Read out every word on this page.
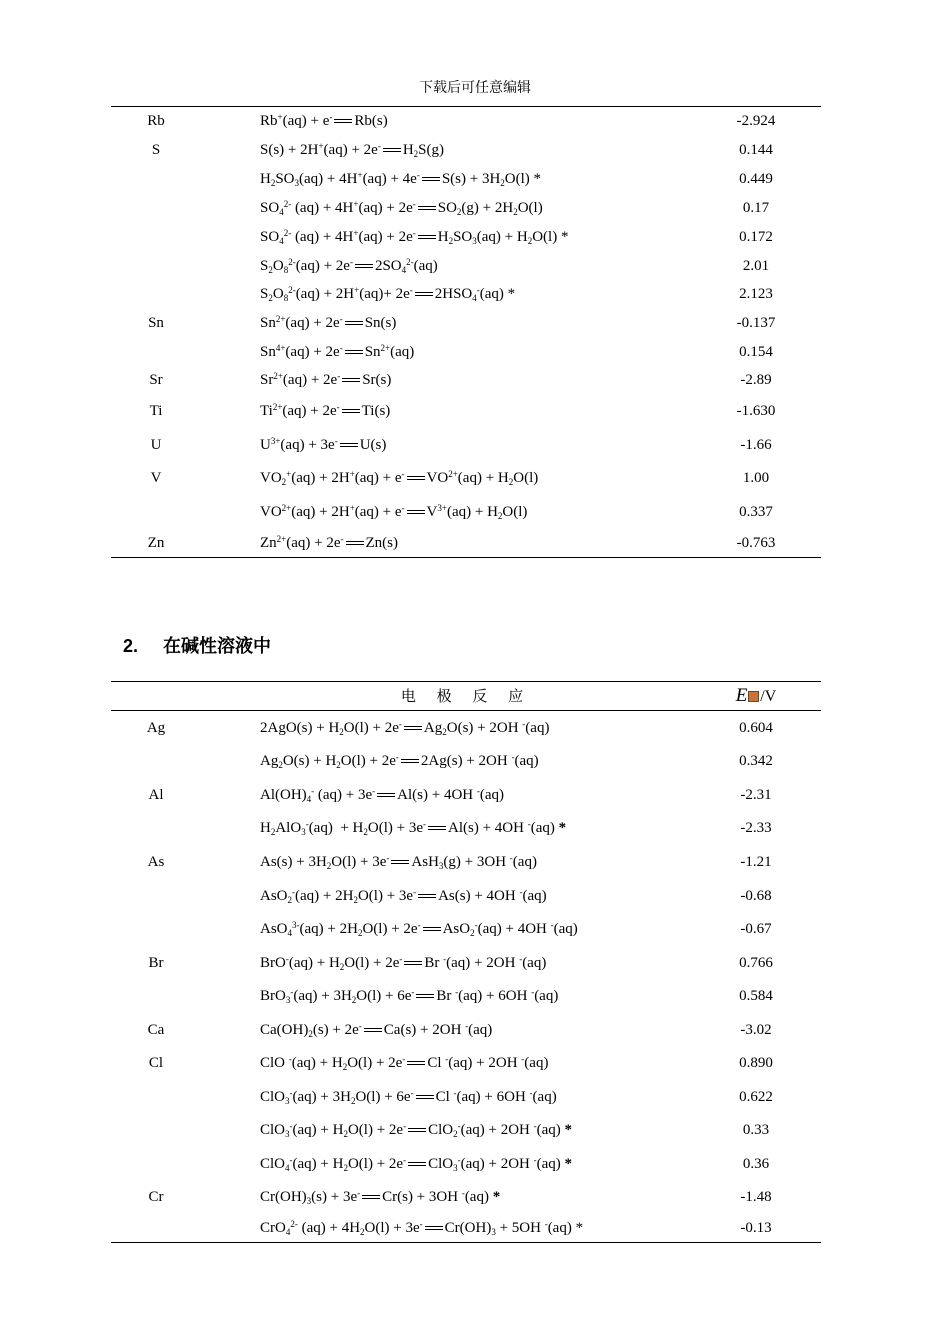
下载后可任意编辑
Rb	Rb+(aq) + e- Rb(s)	-2.924
S	S(s) + 2H+(aq) + 2e- $H_2S(g)$	0.144
$H_2SO_3(aq) + 4H^+(aq) + 4e^-$ $S(s) + 3H_2O(l)$ *	0.449
$SO_4^{2-}$ (aq) + 4H+(aq) + 2e- $SO_2(g) + 2H_2O(l)$	0.17
$SO_4^{2-}$ (aq) + 4H+(aq) + 2e- $H_2SO_3(aq) + H_2O(l)$ *	0.172
$S_2O_8^{2-}(aq) + 2e^-$ $2SO_4^{2-}(aq)$	2.01
$S_2O_8^{2-}(aq) + 2H^+(aq)+ 2e^-$ $2HSO_4^-(aq)$ *	2.123
Sn	$Sn^{2+}(aq) + 2e^-$ Sn(s)	-0.137
$Sn^{4+}(aq) + 2e^-$ $Sn^{2+}(aq)$	0.154
Sr	$Sr^{2+}(aq) + 2e^-$ Sr(s)	-2.89
Ti	$Ti^{2+}(aq) + 2e^-$ Ti(s)	-1.630
U	$U^{3+}(aq) + 3e^-$ U(s)	-1.66
V	$VO_2^+(aq) + 2H^+(aq) + e^-$ $VO^{2+}(aq) + H_2O(l)$	1.00
$VO^{2+}(aq) + 2H^+(aq) + e^-$ $V^{3+}(aq) + H_2O(l)$	0.337
Zn	$Zn^{2+}(aq) + 2e^-$ Zn(s)	-0.763
2. 在碱性溶液中
电 极 反 应	E /V
Ag	$2AgO(s) + H_2O(l) + 2e^-$ $Ag_2O(s) + 2OH$ -(aq)	0.604
$Ag_2O(s) + H_2O(l) + 2e^-$ 2Ag(s) + 2OH -(aq)	0.342
Al	$Al(OH)_4^-$ (aq) + 3e- Al(s) + 4OH -(aq)	-2.31
$H_2AlO_3^-(aq) + H_2O(l) + 3e^-$ Al(s) + 4OH -(aq) *	-2.33
As	$As(s) + 3H_2O(l) + 3e^-$ AsH$_3$(g) + 3OH -(aq)	-1.21
$AsO_2^-(aq) + 2H_2O(l) + 3e^-$ As(s) + 4OH -(aq)	-0.68
$AsO_4^{3-}(aq) + 2H_2O(l) + 2e^-$ AsO$_2$-(aq) + 4OH -(aq)	-0.67
Br	$BrO^-(aq) + H_2O(l) + 2e^-$ Br -(aq) + 2OH -(aq)	0.766
$BrO_3^-(aq) + 3H_2O(l) + 6e^-$ Br -(aq) + 6OH -(aq)	0.584
Ca	$Ca(OH)_2(s) + 2e^-$ Ca(s) + 2OH -(aq)	-3.02
Cl	ClO $^-(aq) + H_2O(l) + 2e^-$ Cl -(aq) + 2OH -(aq)	0.890
$ClO_3^-(aq) + 3H_2O(l) + 6e^-$ Cl -(aq) + 6OH -(aq)	0.622
$ClO_3^-(aq) + H_2O(l) + 2e^-$ ClO$_2$-(aq) + 2OH -(aq) *	0.33
$ClO_4^-(aq) + H_2O(l) + 2e^-$ ClO$_3$-(aq) + 2OH -(aq) *	0.36
Cr	$Cr(OH)_3(s) + 3e^-$ Cr(s) + 3OH -(aq) *	-1.48
CrO$_4^{2-}$ $(aq) + 4H_2O(l) + 3e^-$ $Cr(OH)_3 + 5OH$ -(aq) *	-0.13
